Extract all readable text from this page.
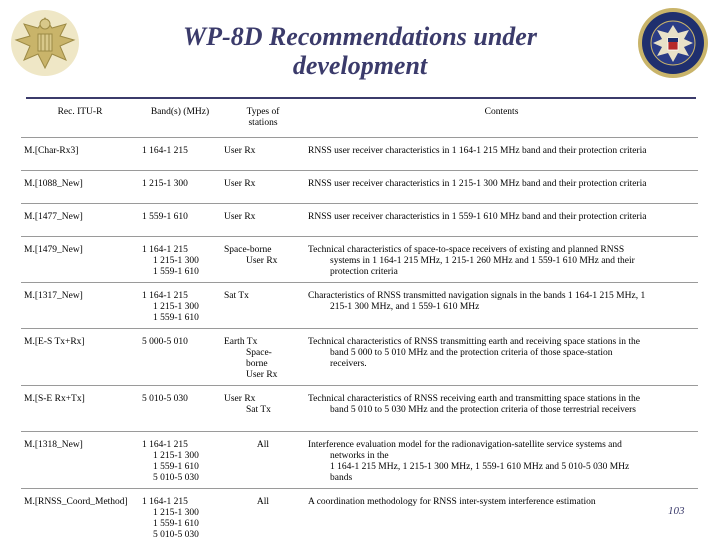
WP-8D Recommendations under
development
Rec. ITU-R	Band(s) (MHz)	Types of
stations	Contents
M.[Char-Rx3]	1 164-1 215	User Rx	RNSS user receiver characteristics in 1 164-1 215 MHz band and their protection criteria
M.[1088_New]	1 215-1 300	User Rx	RNSS user receiver characteristics in 1 215-1 300 MHz band and their protection criteria
M.[1477_New]	1 559-1 610	User Rx	RNSS user receiver characteristics in 1 559-1 610 MHz band and their protection criteria
M.[1479_New]	1 164-1 215
1 215-1 300
1 559-1 610	Space-borne
User Rx	Technical characteristics of space-to-space receivers of existing and planned RNSS
systems in 1 164-1 215 MHz, 1 215-1 260 MHz and 1 559-1 610 MHz and their
protection criteria

M.[1317_New]	1 164-1 215
1 215-1 300
1 559-1 610	Sat Tx	Characteristics of RNSS transmitted navigation signals in the bands 1 164-1 215 MHz, 1
215-1 300 MHz, and 1 559-1 610 MHz

M.[E-S Tx+Rx]	5 000-5 010	Earth Tx
Space-
borne
User Rx	Technical characteristics of RNSS transmitting earth and receiving space stations in the
band 5 000 to 5 010 MHz and the protection criteria of those space-station
receivers.

M.[S-E Rx+Tx]	5 010-5 030	User Rx
Sat Tx	Technical characteristics of RNSS receiving earth and transmitting space stations in the
band 5 010 to 5 030 MHz and the protection criteria of those terrestrial receivers

M.[1318_New]	1 164-1 215
1 215-1 300
1 559-1 610
5 010-5 030	All	Interference evaluation model for the radionavigation-satellite service systems and
networks in the
1 164-1 215 MHz, 1 215-1 300 MHz, 1 559-1 610 MHz and 5 010-5 030 MHz
bands

M.[RNSS_Coord_Method]	1 164-1 215
1 215-1 300
1 559-1 610
5 010-5 030	All	A coordination methodology for RNSS inter-system interference estimation
103
